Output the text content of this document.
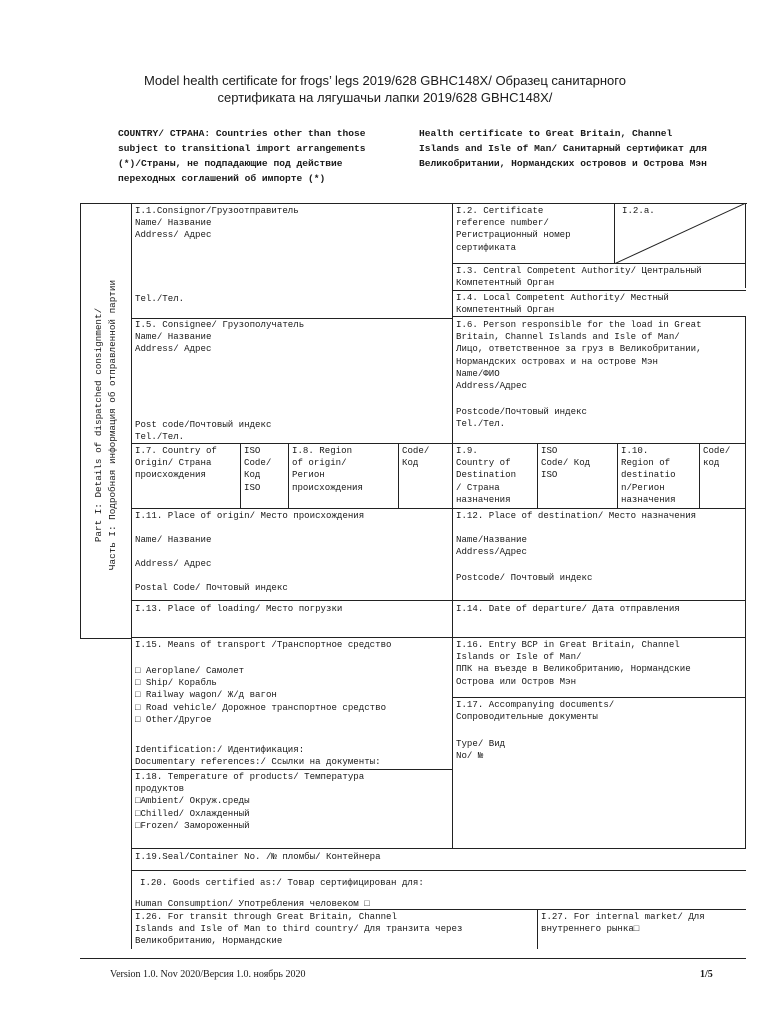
Model health certificate for frogs’ legs 2019/628 GBHC148X/ Образец санитарного
сертификата на лягушачьи лапки 2019/628 GBHC148X/
COUNTRY/ СТРАНА: Countries other than those
subject to transitional import arrangements
(*)/Страны, не подпадающие под действие
переходных соглашений об импорте (*)
Health certificate to Great Britain, Channel
Islands and Isle of Man/ Санитарный сертификат для
Великобритании, Нормандских островов и Острова Мэн
Part I: Details of dispatched consignment/ Часть I: Подробная информация об отправленной партии
I.1.Consignor/Грузоотправитель
Name/ Название
Address/ Адрес
Tel./Тел.
I.2. Certificate
reference number/
Регистрационный номер
сертификата
I.2.a.
I.3. Central Competent Authority/ Центральный
Компетентный Орган
I.4. Local Competent Authority/ Местный
Компетентный Орган
I.5. Consignee/ Грузополучатель
Name/ Название
Address/ Адрес
Post code/Почтовый индекс
Tel./Тел.
I.6. Person responsible for the load in Great
Britain, Channel Islands and Isle of Man/
Лицо, ответственное за груз в Великобритании,
Нормандских островах и на острове Мэн
Name/ФИО
Address/Адрес
Postcode/Почтовый индекс
Tel./Тел.
I.7. Country of
Origin/ Страна
происхождения
ISO
Code/
Код
ISO
I.8. Region
of origin/
Регион
происхождения
Code/
Код
I.9.
Country of
Destination
/ Страна
назначения
ISO
Code/ Код
ISO
I.10.
Region of
destinatio
n/Регион
назначения
Code/
код
I.11. Place of origin/ Место происхождения
Name/ Название
Address/ Адрес
Postal Code/ Почтовый индекс
I.12. Place of destination/ Место назначения
Name/Название
Address/Адрес
Postcode/ Почтовый индекс
I.13. Place of loading/ Место погрузки	I.14. Date of departure/ Дата отправления
I.15. Means of transport /Транспортное средство
□ Aeroplane/ Самолет
□ Ship/ Корабль
□ Railway wagon/ Ж/д вагон
□ Road vehicle/ Дорожное транспортное средство
□ Other/Другое
Identification:/ Идентификация:
Documentary references:/ Ссылки на документы:
I.16. Entry BCP in Great Britain, Channel
Islands or Isle of Man/
ППК на въезде в Великобританию, Нормандские
Острова или Остров Мэн
I.17. Accompanying documents/
Сопроводительные документы
Type/ Вид
No/ №
I.18. Temperature of products/ Температура
продуктов
□Ambient/ Окруж.среды
□Chilled/ Охлажденный
□Frozen/ Замороженный
I.19.Seal/Container No. /№ пломбы/ Контейнера
I.20. Goods certified as:/ Товар сертифицирован для:
Human Consumption/ Употребления человеком □
I.26. For transit through Great Britain, Channel
Islands and Isle of Man to third country/ Для транзита через
Великобританию, Нормандские
I.27. For internal market/ Для
внутреннего рынка□
Version 1.0. Nov 2020/Версия 1.0. ноябрь 2020	1/5
